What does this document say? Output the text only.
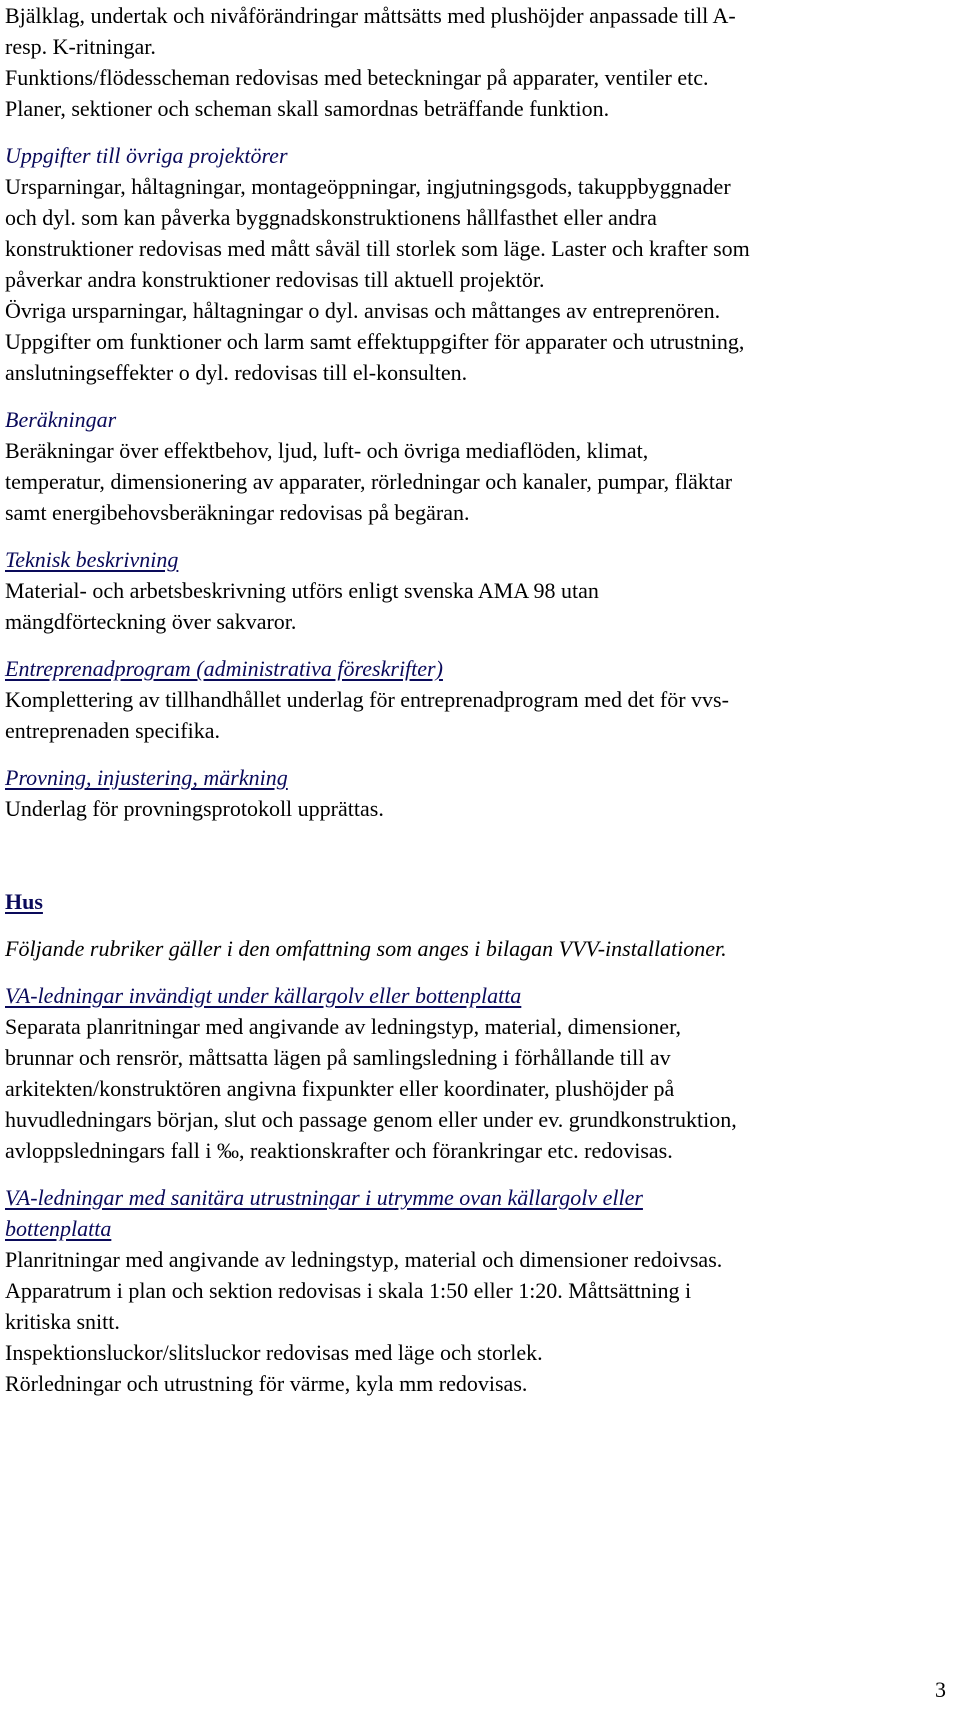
Bjälklag, undertak och nivåförändringar måttsätts med plushöjder anpassade till A-
resp. K-ritningar.
Funktions/flödesscheman redovisas med beteckningar på apparater, ventiler etc.
Planer, sektioner och scheman skall samordnas beträffande funktion.
Uppgifter till övriga projektörer
Ursparningar, håltagningar, montageöppningar, ingjutningsgods, takuppbyggnader
och dyl. som kan påverka byggnadskonstruktionens hållfasthet eller andra
konstruktioner redovisas med mått såväl till storlek som läge. Laster och krafter som
påverkar andra konstruktioner redovisas till aktuell projektör.
Övriga ursparningar, håltagningar o dyl. anvisas och måttanges av entreprenören.
Uppgifter om funktioner och larm samt effektuppgifter för apparater och utrustning,
anslutningseffekter o dyl. redovisas till el-konsulten.
Beräkningar
Beräkningar över effektbehov, ljud, luft- och övriga mediaflöden, klimat,
temperatur, dimensionering av apparater, rörledningar och kanaler, pumpar, fläktar
samt energibehovsberäkningar redovisas på begäran.
Teknisk beskrivning
Material- och arbetsbeskrivning utförs enligt svenska AMA 98 utan
mängdförteckning över sakvaror.
Entreprenadprogram (administrativa föreskrifter)
Komplettering av tillhandhållet underlag för entreprenadprogram med det för vvs-
entreprenaden specifika.
Provning, injustering, märkning
Underlag för provningsprotokoll upprättas.
Hus
Följande rubriker gäller i den omfattning som anges i bilagan VVV-installationer.
VA-ledningar invändigt under källargolv eller bottenplatta
Separata planritningar med angivande av ledningstyp, material, dimensioner,
brunnar och rensrör, måttsatta lägen på samlingsledning i förhållande till av
arkitekten/konstruktören angivna fixpunkter eller koordinater, plushöjder på
huvudledningars början, slut och passage genom eller under ev. grundkonstruktion,
avloppsledningars fall i ‰, reaktionskrafter och förankringar etc. redovisas.
VA-ledningar med sanitära utrustningar i utrymme ovan källargolv eller
bottenplatta
Planritningar med angivande av ledningstyp, material och dimensioner redoivsas.
Apparatrum i plan och sektion redovisas i skala 1:50 eller 1:20. Måttsättning i
kritiska snitt.
Inspektionsluckor/slitsluckor redovisas med läge och storlek.
Rörledningar och utrustning för värme, kyla mm redovisas.
3
